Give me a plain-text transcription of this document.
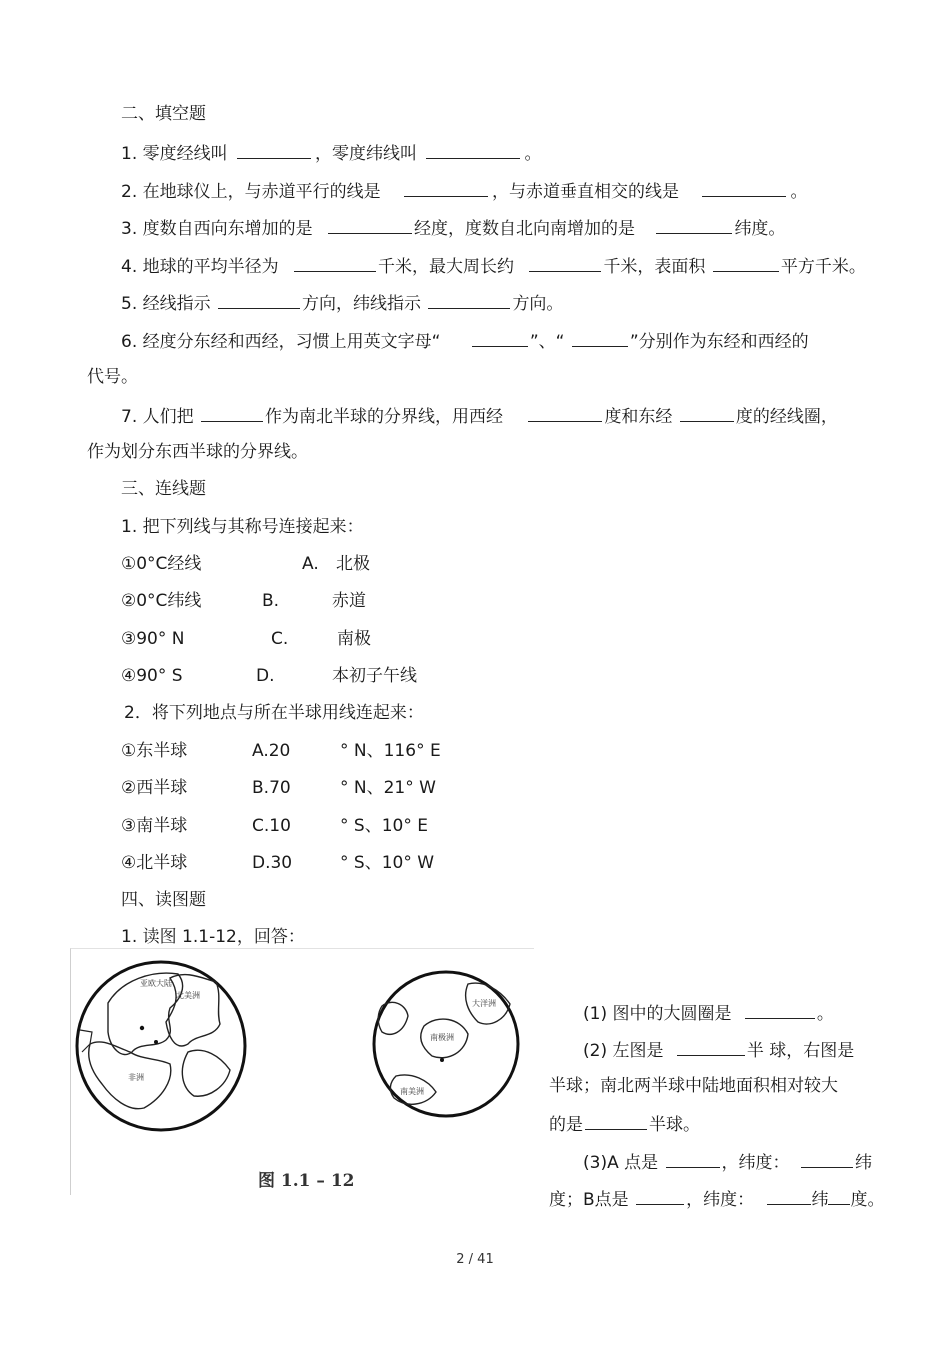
二、填空题
1. 零度经线叫	，零度纬线叫	。
2. 在地球仪上，与赤道平行的线是	，与赤道垂直相交的线是	。
3. 度数自西向东增加的是	经度，度数自北向南增加的是	纬度。
4. 地球的平均半径为	千米，最大周长约	千米，表面积	平方千米。
5. 经线指示	方向，纬线指示	方向。
6. 经度分东经和西经，习惯上用英文字母“	”、“	”分别作为东经和西经的
代号。
7. 人们把	作为南北半球的分界线，用西经	度和东经	度的经线圈，
作为划分东西半球的分界线。
三、连线题
1. 把下列线与其称号连接起来：
①0°C经线	A. 北极
②0°C纬线	B.	赤道
③90° N	C.	南极
④90° S	D.	本初子午线
2．将下列地点与所在半球用线连起来：
①东半球	A.20	° N、116° E
②西半球	B.70	° N、21° W
③南半球	C.10	° S、10° E
④北半球	D.30	° S、10° W
四、读图题
1. 读图 1.1-12，回答：
亚欧大陆
北美洲
非洲
南极洲
大洋洲
南美洲
图 1.1 – 12
(1) 图中的大圆圈是	。
(2) 左图是	半 球，右图是
半球；南北两半球中陆地面积相对较大
的是	半球。
(3)A 点是	，纬度：	纬
度；B点是	，纬度：	纬 度。
2 / 41
